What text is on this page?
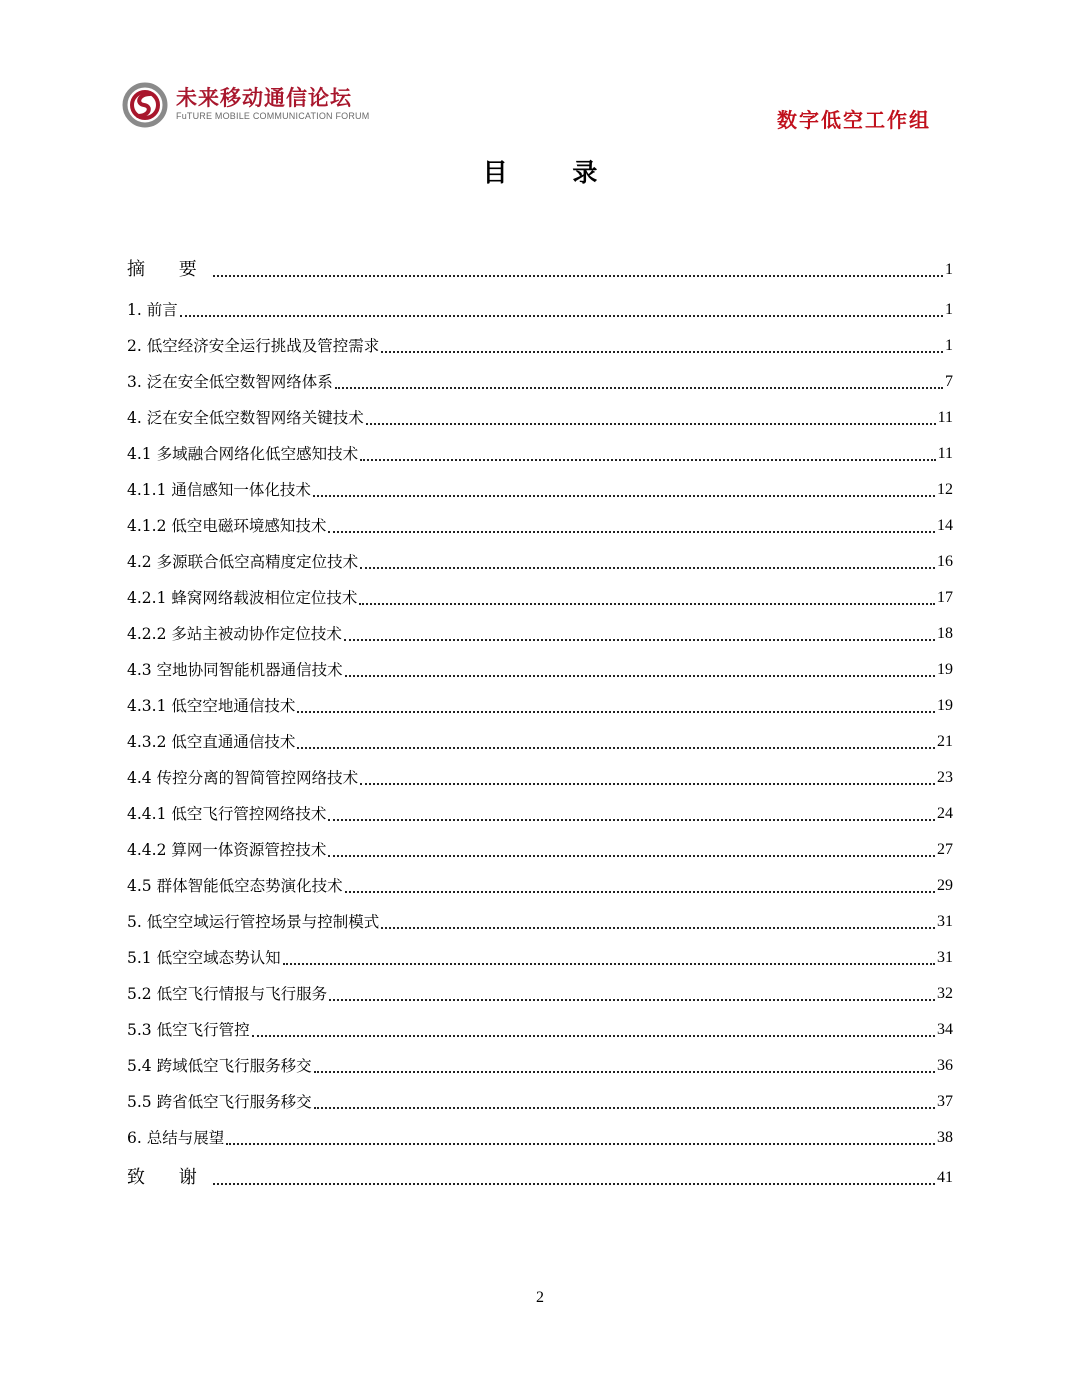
未来移动通信论坛
FuTURE MOBILE COMMUNICATION FORUM	数字低空工作组
目 录
摘 要	1
1. 前言	1
2. 低空经济安全运行挑战及管控需求	1
3. 泛在安全低空数智网络体系	7
4. 泛在安全低空数智网络关键技术	11
4.1 多域融合网络化低空感知技术	11
4.1.1 通信感知一体化技术	12
4.1.2 低空电磁环境感知技术	14
4.2 多源联合低空高精度定位技术	16
4.2.1 蜂窝网络载波相位定位技术	17
4.2.2 多站主被动协作定位技术	18
4.3 空地协同智能机器通信技术	19
4.3.1 低空空地通信技术	19
4.3.2 低空直通通信技术	21
4.4 传控分离的智简管控网络技术	23
4.4.1 低空飞行管控网络技术	24
4.4.2 算网一体资源管控技术	27
4.5 群体智能低空态势演化技术	29
5. 低空空域运行管控场景与控制模式	31
5.1 低空空域态势认知	31
5.2 低空飞行情报与飞行服务	32
5.3 低空飞行管控	34
5.4 跨域低空飞行服务移交	36
5.5 跨省低空飞行服务移交	37
6. 总结与展望	38
致 谢	41
2
